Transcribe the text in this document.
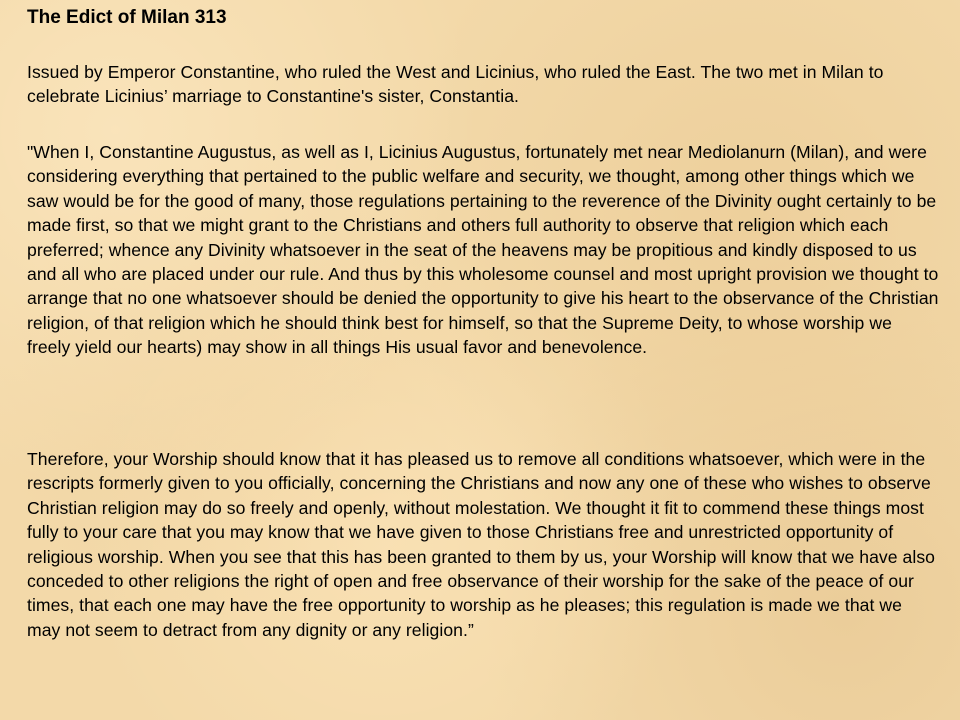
The Edict of Milan 313

Issued by Emperor Constantine, who ruled the West and Licinius, who ruled the East. The two met in Milan to celebrate Licinius’ marriage to Constantine's sister, Constantia.

"When I, Constantine Augustus, as well as I, Licinius Augustus, fortunately met near Mediolanurn (Milan), and were considering everything that pertained to the public welfare and security, we thought, among other things which we saw would be for the good of many, those regulations pertaining to the reverence of the Divinity ought certainly to be made first, so that we might grant to the Christians and others full authority to observe that religion which each preferred; whence any Divinity whatsoever in the seat of the heavens may be propitious and kindly disposed to us and all who are placed under our rule. And thus by this wholesome counsel and most upright provision we thought to arrange that no one whatsoever should be denied the opportunity to give his heart to the observance of the Christian religion, of that religion which he should think best for himself, so that the Supreme Deity, to whose worship we freely yield our hearts) may show in all things His usual favor and benevolence.

Therefore, your Worship should know that it has pleased us to remove all conditions whatsoever, which were in the rescripts formerly given to you officially, concerning the Christians and now any one of these who wishes to observe Christian religion may do so freely and openly, without molestation. We thought it fit to commend these things most fully to your care that you may know that we have given to those Christians free and unrestricted opportunity of religious worship. When you see that this has been granted to them by us, your Worship will know that we have also conceded to other religions the right of open and free observance of their worship for the sake of the peace of our times, that each one may have the free opportunity to worship as he pleases; this regulation is made we that we may not seem to detract from any dignity or any religion.”
